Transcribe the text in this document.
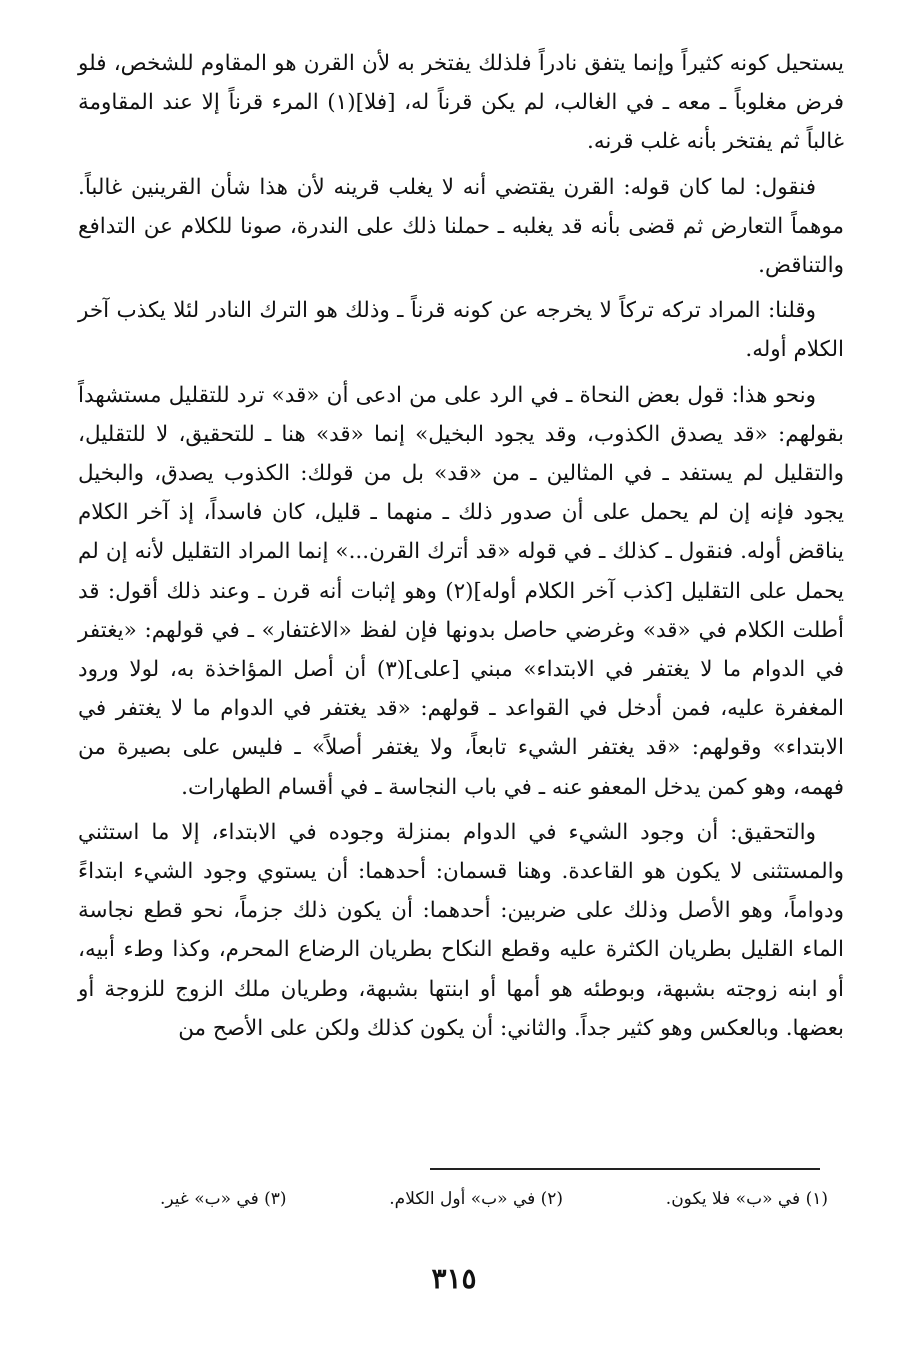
يستحيل كونه كثيراً وإنما يتفق نادراً فلذلك يفتخر به لأن القرن هو المقاوم للشخص، فلو فرض مغلوباً ـ معه ـ في الغالب، لم يكن قرناً له، [فلا](١) المرء قرناً إلا عند المقاومة غالباً ثم يفتخر بأنه غلب قرنه.

فنقول: لما كان قوله: القرن يقتضي أنه لا يغلب قرينه لأن هذا شأن القرينين غالباً. موهماً التعارض ثم قضى بأنه قد يغلبه ـ حملنا ذلك على الندرة، صونا للكلام عن التدافع والتناقض.

وقلنا: المراد تركه تركاً لا يخرجه عن كونه قرناً ـ وذلك هو الترك النادر لئلا يكذب آخر الكلام أوله.

ونحو هذا: قول بعض النحاة ـ في الرد على من ادعى أن «قد» ترد للتقليل مستشهداً بقولهم: «قد يصدق الكذوب، وقد يجود البخيل» إنما «قد» هنا ـ للتحقيق، لا للتقليل، والتقليل لم يستفد ـ في المثالين ـ من «قد» بل من قولك: الكذوب يصدق، والبخيل يجود فإنه إن لم يحمل على أن صدور ذلك ـ منهما ـ قليل، كان فاسداً، إذ آخر الكلام يناقض أوله. فنقول ـ كذلك ـ في قوله «قد أترك القرن...» إنما المراد التقليل لأنه إن لم يحمل على التقليل [كذب آخر الكلام أوله](٢) وهو إثبات أنه قرن ـ وعند ذلك أقول: قد أطلت الكلام في «قد» وغرضي حاصل بدونها فإن لفظ «الاغتفار» ـ في قولهم: «يغتفر في الدوام ما لا يغتفر في الابتداء» مبني [على](٣) أن أصل المؤاخذة به، لولا ورود المغفرة عليه، فمن أدخل في القواعد ـ قولهم: «قد يغتفر في الدوام ما لا يغتفر في الابتداء» وقولهم: «قد يغتفر الشيء تابعاً، ولا يغتفر أصلاً» ـ فليس على بصيرة من فهمه، وهو كمن يدخل المعفو عنه ـ في باب النجاسة ـ في أقسام الطهارات.

والتحقيق: أن وجود الشيء في الدوام بمنزلة وجوده في الابتداء، إلا ما استثني والمستثنى لا يكون هو القاعدة. وهنا قسمان: أحدهما: أن يستوي وجود الشيء ابتداءً ودواماً، وهو الأصل وذلك على ضربين: أحدهما: أن يكون ذلك جزماً، نحو قطع نجاسة الماء القليل بطريان الكثرة عليه وقطع النكاح بطريان الرضاع المحرم، وكذا وطء أبيه، أو ابنه زوجته بشبهة، وبوطئه هو أمها أو ابنتها بشبهة، وطريان ملك الزوج للزوجة أو بعضها. وبالعكس وهو كثير جداً. والثاني: أن يكون كذلك ولكن على الأصح من

(١) في «ب» فلا يكون.
(٢) في «ب» أول الكلام.
(٣) في «ب» غير.
٣١٥
